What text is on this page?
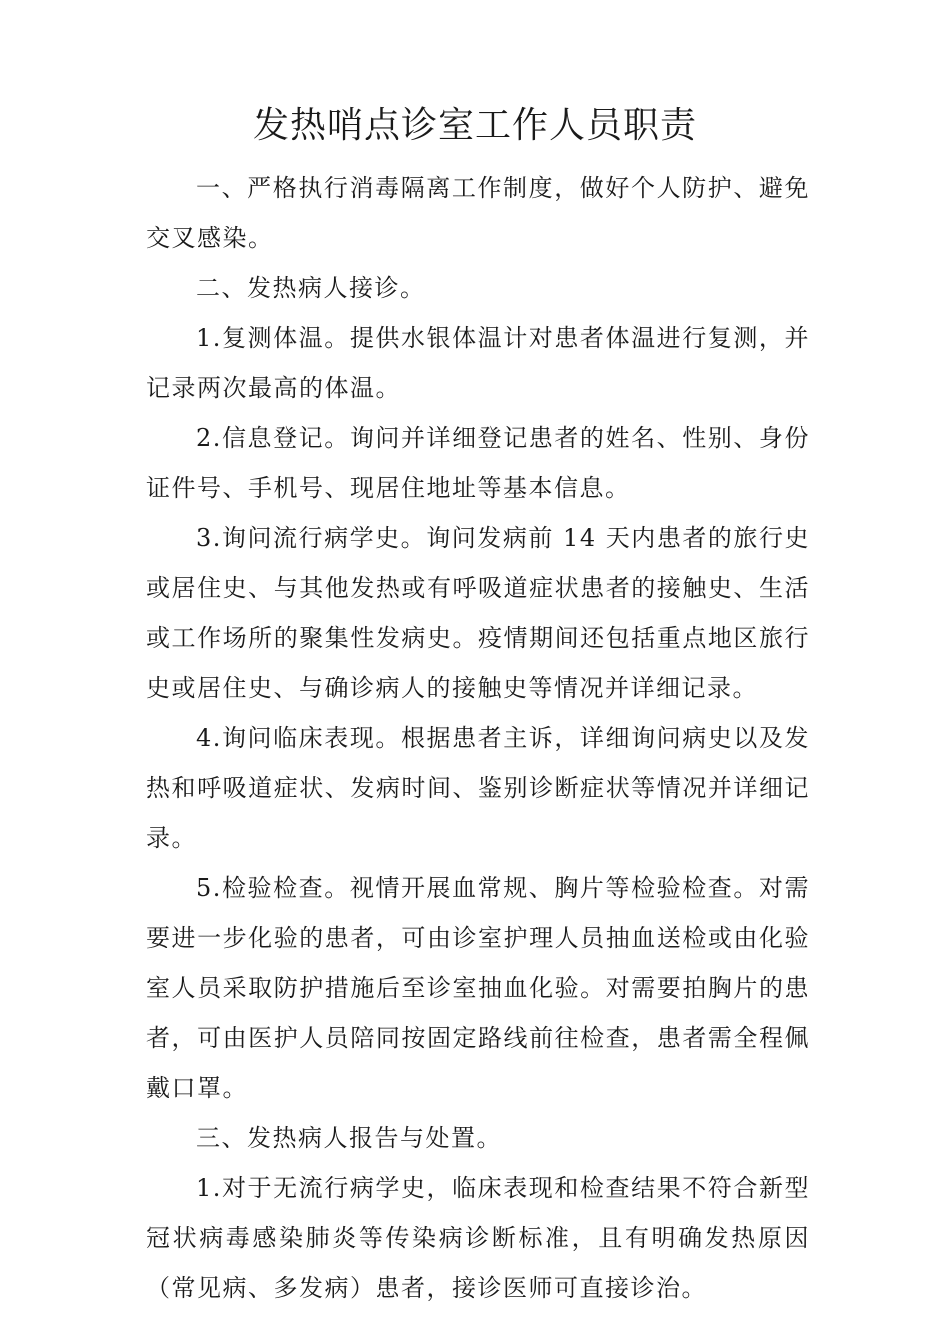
发热哨点诊室工作人员职责

一、严格执行消毒隔离工作制度，做好个人防护、避免交叉感染。

二、发热病人接诊。

1.复测体温。提供水银体温计对患者体温进行复测，并记录两次最高的体温。

2.信息登记。询问并详细登记患者的姓名、性别、身份证件号、手机号、现居住地址等基本信息。

3.询问流行病学史。询问发病前 14 天内患者的旅行史或居住史、与其他发热或有呼吸道症状患者的接触史、生活或工作场所的聚集性发病史。疫情期间还包括重点地区旅行史或居住史、与确诊病人的接触史等情况并详细记录。

4.询问临床表现。根据患者主诉，详细询问病史以及发热和呼吸道症状、发病时间、鉴别诊断症状等情况并详细记录。

5.检验检查。视情开展血常规、胸片等检验检查。对需要进一步化验的患者，可由诊室护理人员抽血送检或由化验室人员采取防护措施后至诊室抽血化验。对需要拍胸片的患者，可由医护人员陪同按固定路线前往检查，患者需全程佩戴口罩。

三、发热病人报告与处置。

1.对于无流行病学史，临床表现和检查结果不符合新型冠状病毒感染肺炎等传染病诊断标准，且有明确发热原因（常见病、多发病）患者，接诊医师可直接诊治。
